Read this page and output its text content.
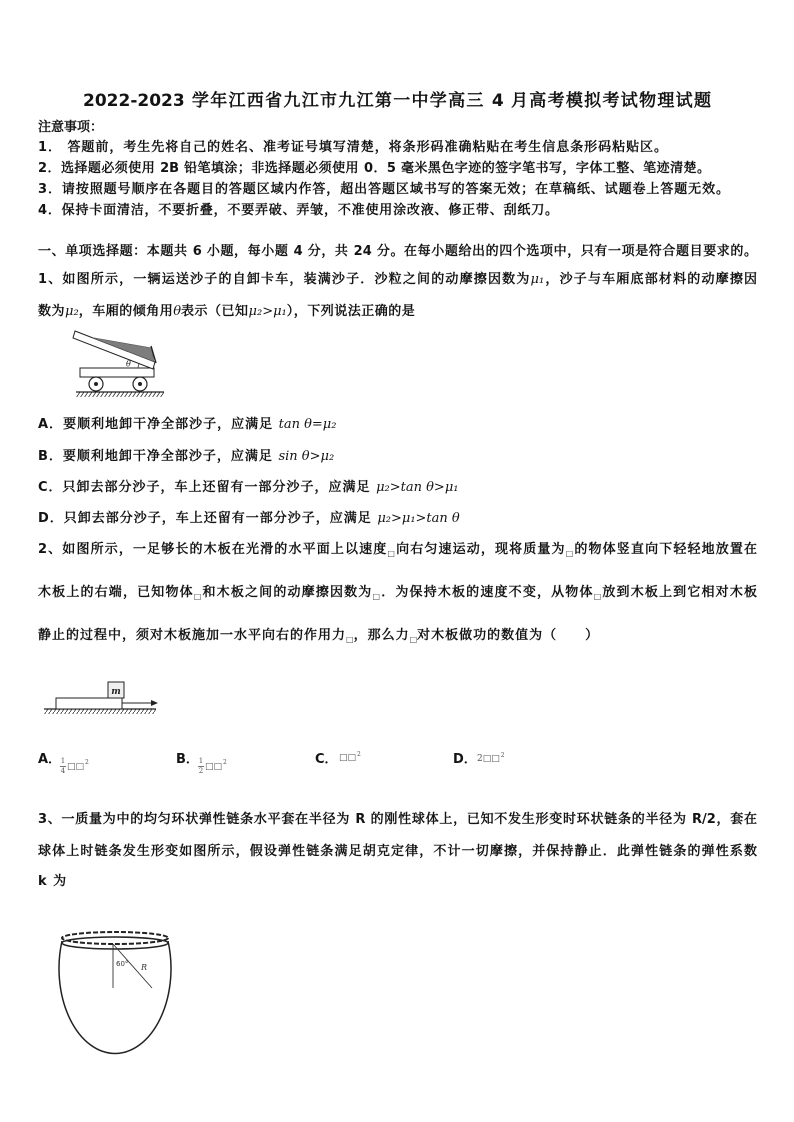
2022-2023 学年江西省九江市九江第一中学高三 4 月高考模拟考试物理试题
注意事项：
1． 答题前，考生先将自己的姓名、准考证号填写清楚，将条形码准确粘贴在考生信息条形码粘贴区。
2．选择题必须使用 2B 铅笔填涂；非选择题必须使用 0．5 毫米黑色字迹的签字笔书写，字体工整、笔迹清楚。
3．请按照题号顺序在各题目的答题区域内作答，超出答题区域书写的答案无效；在草稿纸、试题卷上答题无效。
4．保持卡面清洁，不要折叠，不要弄破、弄皱，不准使用涂改液、修正带、刮纸刀。
一、单项选择题：本题共 6 小题，每小题 4 分，共 24 分。在每小题给出的四个选项中，只有一项是符合题目要求的。
1、如图所示，一辆运送沙子的自卸卡车，装满沙子．沙粒之间的动摩擦因数为μ₁，沙子与车厢底部材料的动摩擦因
数为μ₂，车厢的倾角用θ表示（已知μ₂>μ₁），下列说法正确的是
θ
A．要顺利地卸干净全部沙子，应满足 tan θ=μ₂
B．要顺利地卸干净全部沙子，应满足 sin θ>μ₂
C．只卸去部分沙子，车上还留有一部分沙子，应满足 μ₂>tan θ>μ₁
D．只卸去部分沙子，车上还留有一部分沙子，应满足 μ₂>μ₁>tan θ
2、如图所示，一足够长的木板在光滑的水平面上以速度$_□$向右匀速运动，现将质量为$_□$的物体竖直向下轻轻地放置在
木板上的右端，已知物体$_□$和木板之间的动摩擦因数为$_□$．为保持木板的速度不变，从物体$_□$放到木板上到它相对木板
静止的过程中，须对木板施加一水平向右的作用力$_□$，那么力$_□$对木板做功的数值为（　　）
m
A．
$\frac{1}{4}$ □□ 2	B． $\frac{1}{2}$ □□ 2	C． □□ 2	D． 2□□ 2
3、一质量为中的均匀环状弹性链条水平套在半径为 R 的刚性球体上，已知不发生形变时环状链条的半径为 R/2，套在
球体上时链条发生形变如图所示，假设弹性链条满足胡克定律，不计一切摩擦，并保持静止．此弹性链条的弹性系数
k 为
60° R
